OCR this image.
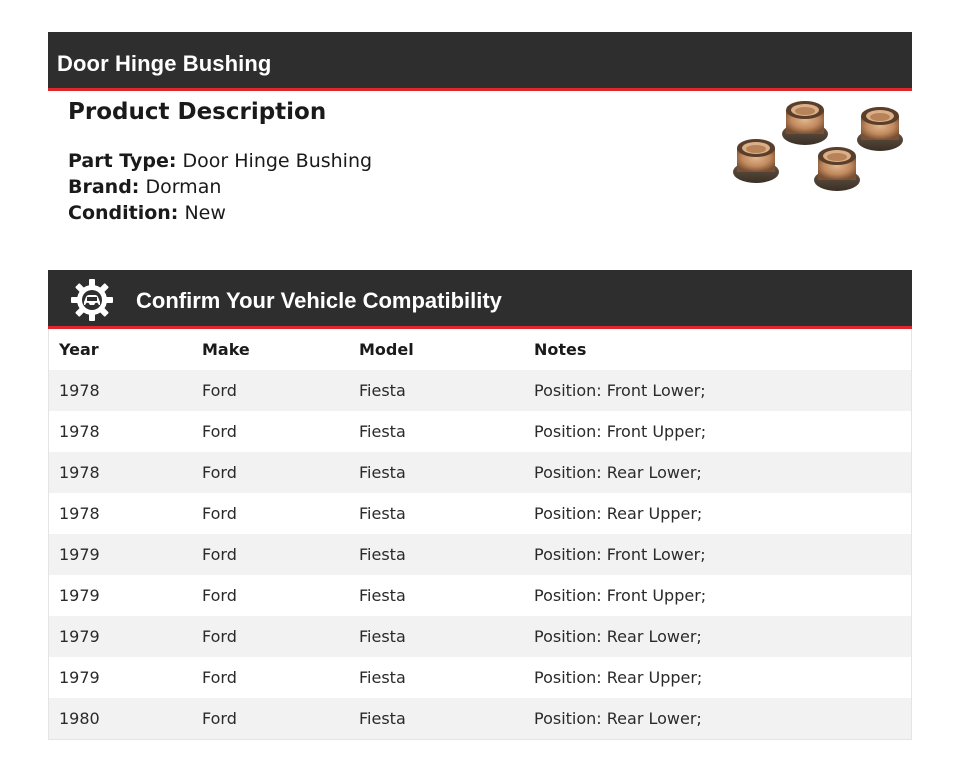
Door Hinge Bushing
Product Description
Part Type: Door Hinge Bushing
Brand: Dorman
Condition: New
Confirm Your Vehicle Compatibility
Year	Make	Model	Notes
1978	Ford	Fiesta	Position: Front Lower;
1978	Ford	Fiesta	Position: Front Upper;
1978	Ford	Fiesta	Position: Rear Lower;
1978	Ford	Fiesta	Position: Rear Upper;
1979	Ford	Fiesta	Position: Front Lower;
1979	Ford	Fiesta	Position: Front Upper;
1979	Ford	Fiesta	Position: Rear Lower;
1979	Ford	Fiesta	Position: Rear Upper;
1980	Ford	Fiesta	Position: Rear Lower;
